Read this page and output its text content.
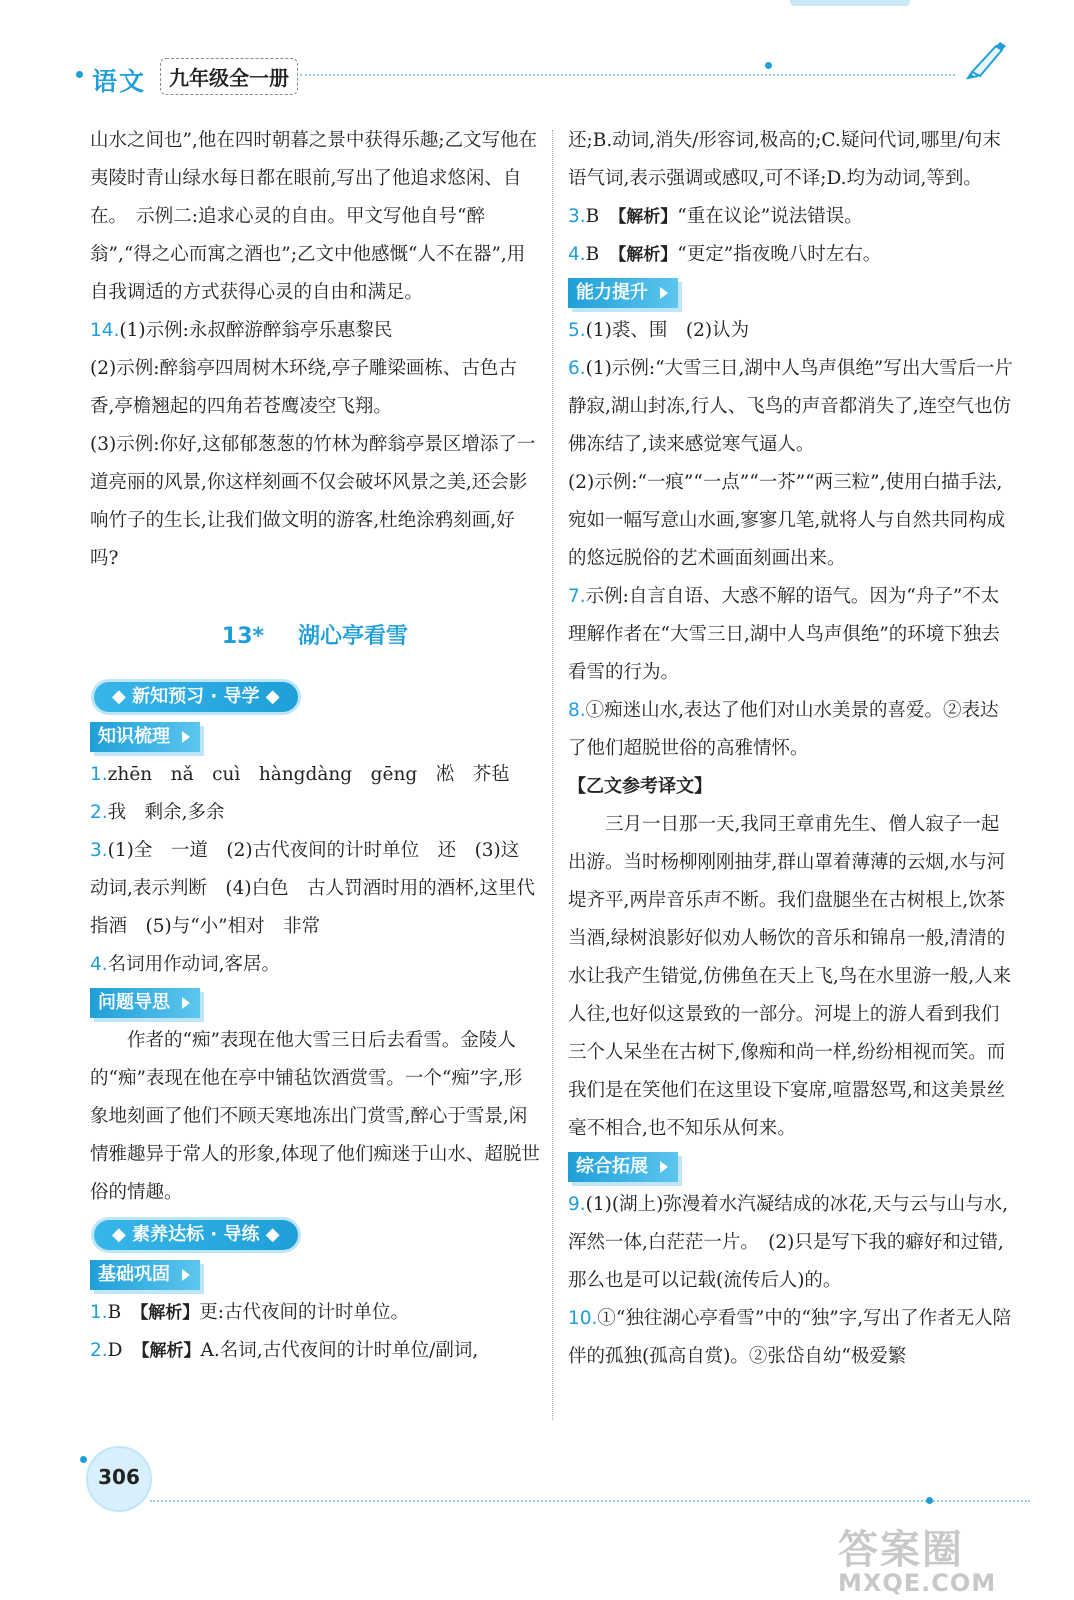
语文	九年级全一册

山水之间也”,他在四时朝暮之景中获得乐趣;乙文写他在夷陵时青山绿水每日都在眼前,写出了他追求悠闲、自在。　示例二:追求心灵的自由。甲文写他自号“醉翁”,“得之心而寓之酒也”;乙文中他感慨“人不在器”,用自我调适的方式获得心灵的自由和满足。

14.(1)示例:永叔醉游醉翁亭乐惠黎民

(2)示例:醉翁亭四周树木环绕,亭子雕梁画栋、古色古香,亭檐翘起的四角若苍鹰凌空飞翔。

(3)示例:你好,这郁郁葱葱的竹林为醉翁亭景区增添了一道亮丽的风景,你这样刻画不仅会破坏风景之美,还会影响竹子的生长,让我们做文明的游客,杜绝涂鸦刻画,好吗?

13* 湖心亭看雪
◆ 新知预习 · 导学 ◆
知识梳理

1.zhēn　nǎ　cuì　hàngdàng　gēng　凇　芥毡

2.我　剩余,多余

3.(1)全　一道　(2)古代夜间的计时单位　还　(3)这　动词,表示判断　(4)白色　古人罚酒时用的酒杯,这里代指酒　(5)与“小”相对　非常

4.名词用作动词,客居。

问题导思

作者的“痴”表现在他大雪三日后去看雪。金陵人的“痴”表现在他在亭中铺毡饮酒赏雪。一个“痴”字,形象地刻画了他们不顾天寒地冻出门赏雪,醉心于雪景,闲情雅趣异于常人的形象,体现了他们痴迷于山水、超脱世俗的情趣。

◆ 素养达标 · 导练 ◆
基础巩固

1.B　 【解析】更:古代夜间的计时单位。

2.D　 【解析】A.名词,古代夜间的计时单位/副词,

还;B.动词,消失/形容词,极高的;C.疑问代词,哪里/句末语气词,表示强调或感叹,可不译;D.均为动词,等到。

3.B　 【解析】“重在议论”说法错误。

4.B　 【解析】“更定”指夜晚八时左右。

能力提升

5.(1)裘、围　(2)认为

6.(1)示例:“大雪三日,湖中人鸟声俱绝”写出大雪后一片静寂,湖山封冻,行人、飞鸟的声音都消失了,连空气也仿佛冻结了,读来感觉寒气逼人。

(2)示例:“一痕”“一点”“一芥”“两三粒”,使用白描手法,宛如一幅写意山水画,寥寥几笔,就将人与自然共同构成的悠远脱俗的艺术画面刻画出来。

7.示例:自言自语、大惑不解的语气。因为“舟子”不太理解作者在“大雪三日,湖中人鸟声俱绝”的环境下独去看雪的行为。

8.①痴迷山水,表达了他们对山水美景的喜爱。②表达了他们超脱世俗的高雅情怀。

【乙文参考译文】

三月一日那一天,我同王章甫先生、僧人寂子一起出游。当时杨柳刚刚抽芽,群山罩着薄薄的云烟,水与河堤齐平,两岸音乐声不断。我们盘腿坐在古树根上,饮茶当酒,绿树浪影好似劝人畅饮的音乐和锦帛一般,清清的水让我产生错觉,仿佛鱼在天上飞,鸟在水里游一般,人来人往,也好似这景致的一部分。河堤上的游人看到我们三个人呆坐在古树下,像痴和尚一样,纷纷相视而笑。而我们是在笑他们在这里设下宴席,喧嚣怒骂,和这美景丝毫不相合,也不知乐从何来。

综合拓展

9.(1)(湖上)弥漫着水汽凝结成的冰花,天与云与山与水,浑然一体,白茫茫一片。　(2)只是写下我的癖好和过错,那么也是可以记载(流传后人)的。

10.①“独往湖心亭看雪”中的“独”字,写出了作者无人陪伴的孤独(孤高自赏)。②张岱自幼“极爱繁

306
答案圈
MXQE.COM
